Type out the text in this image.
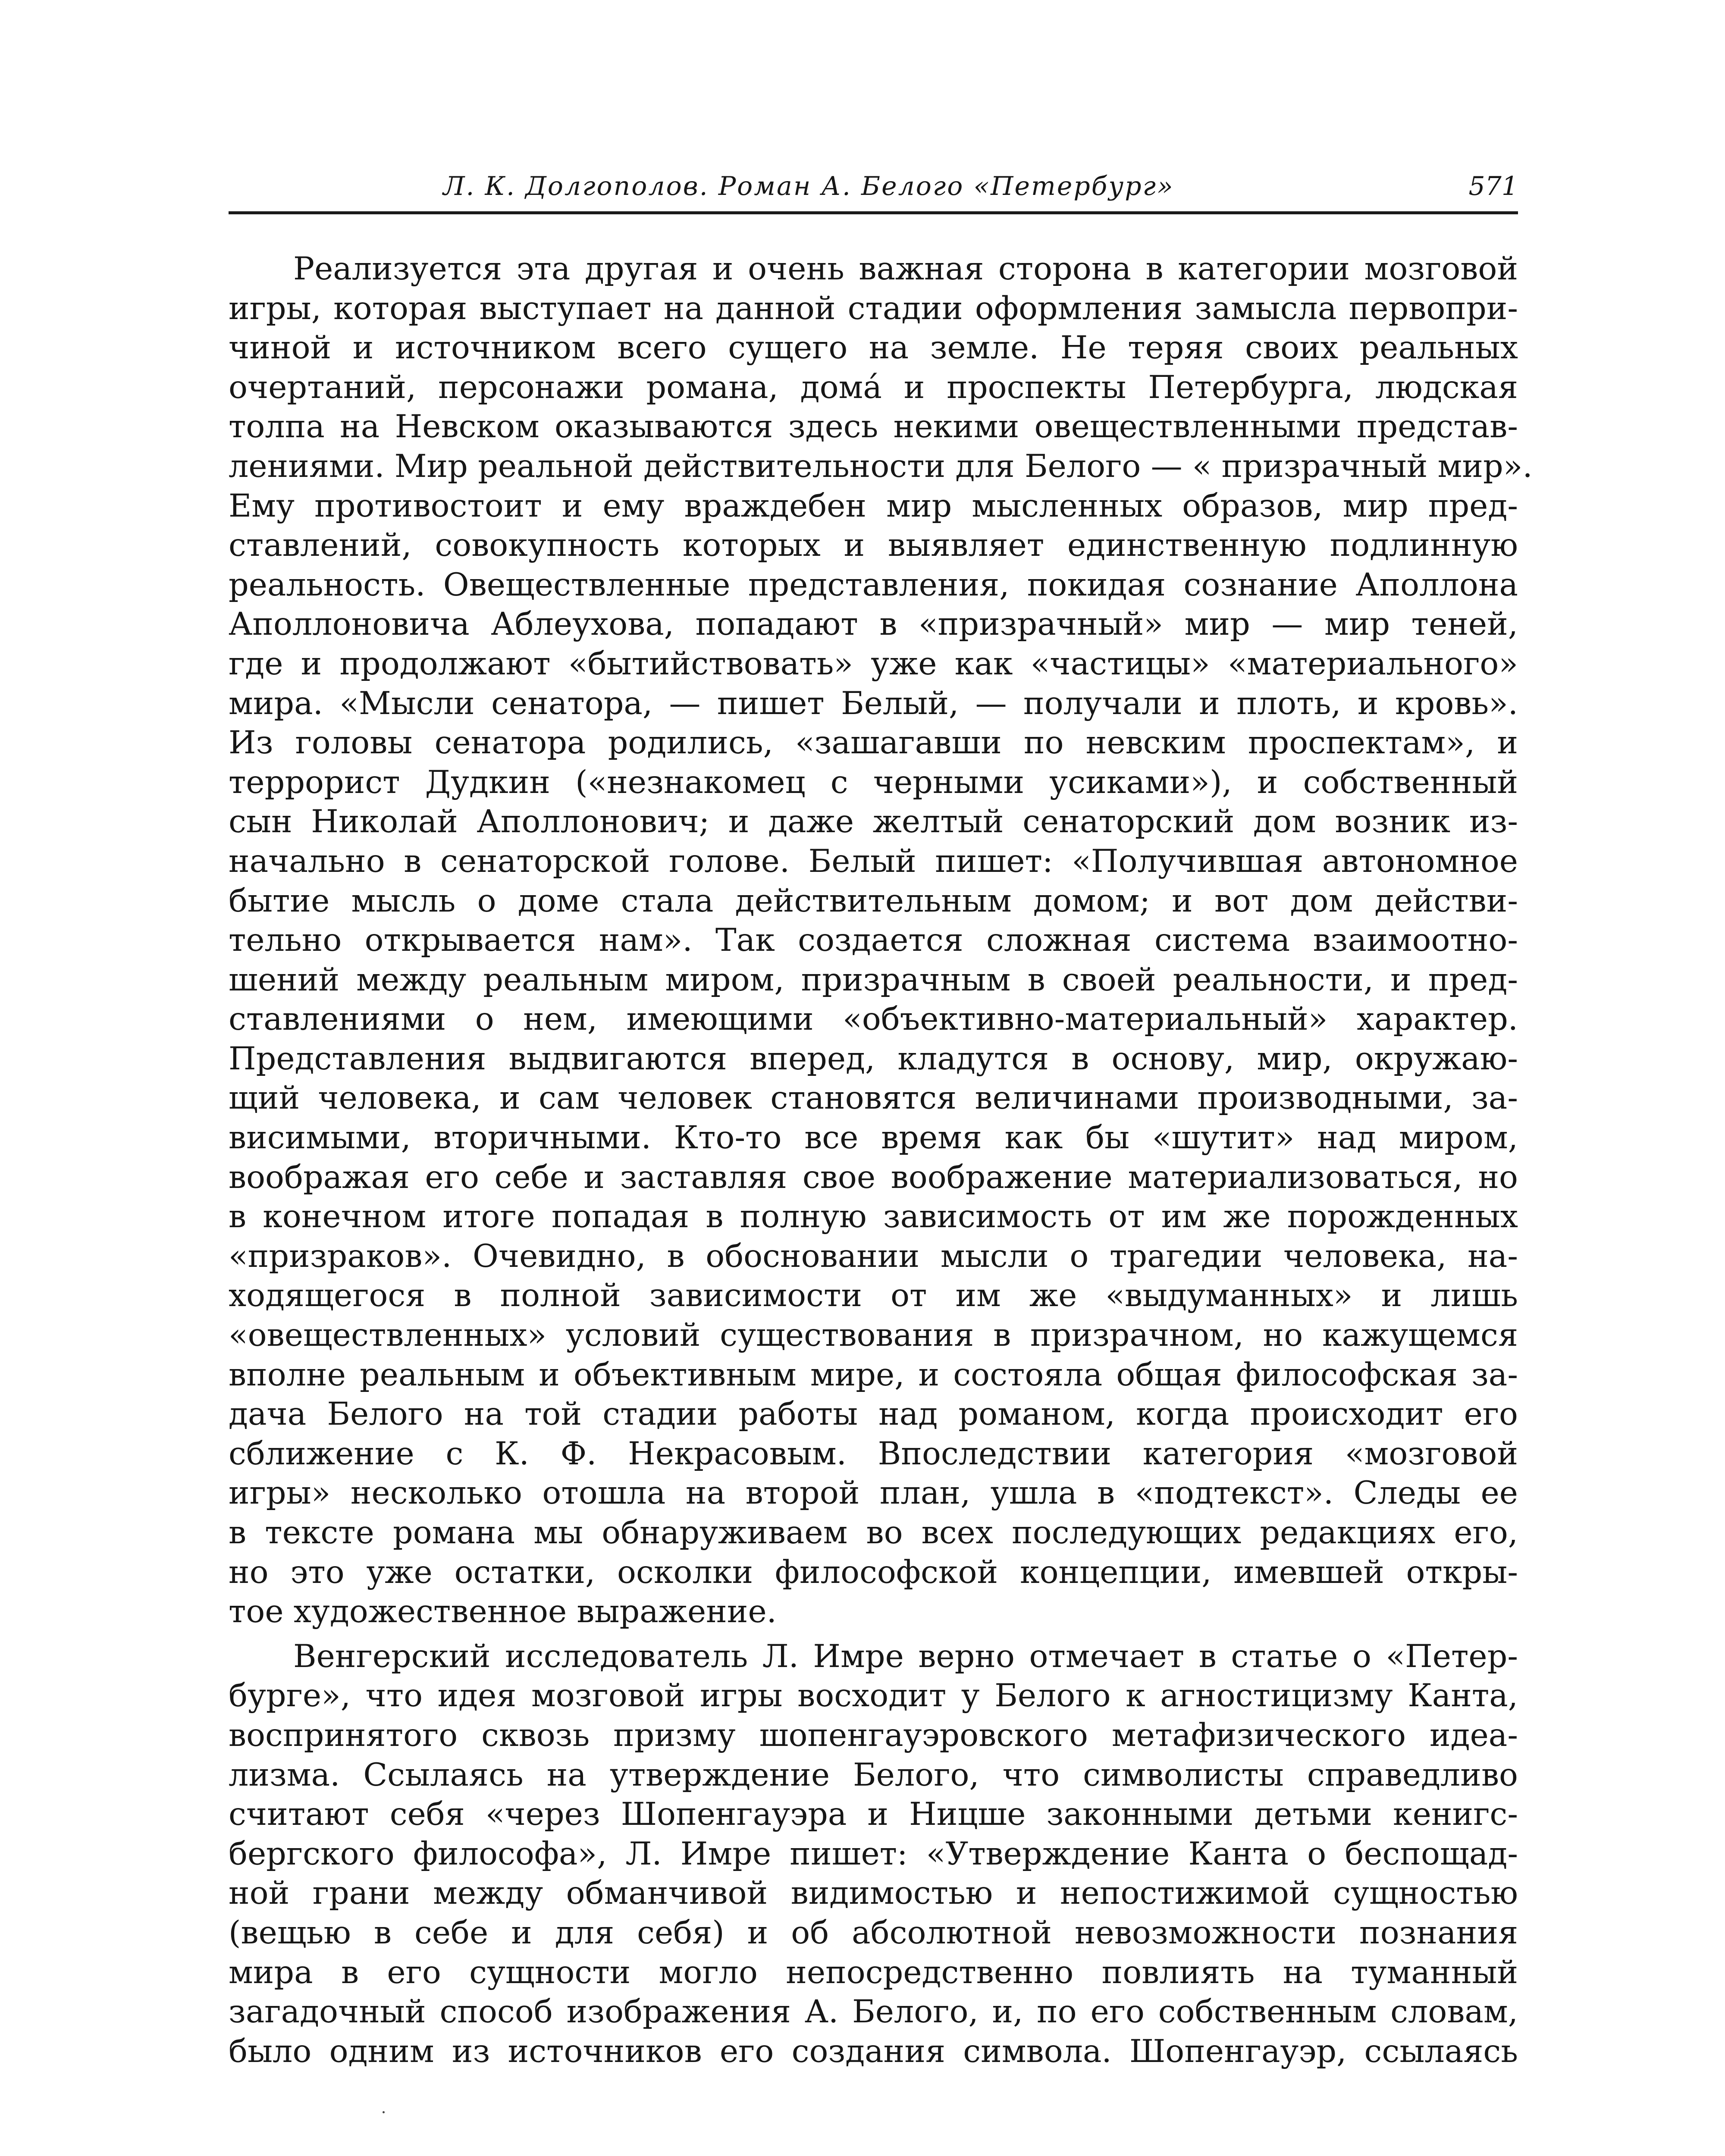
Л. К. Долгополов. Роман А. Белого «Петербург»	571
Реализуется эта другая и очень важная сторона в категории мозговой
игры, которая выступает на данной стадии оформления замысла первопри-
чиной и источником всего сущего на земле. Не теряя своих реальных
очертаний, персонажи романа, домá и проспекты Петербурга, людская
толпа на Невском оказываются здесь некими овеществленными представ-
лениями. Мир реальной действительности для Белого — « призрачный мир».
Ему противостоит и ему враждебен мир мысленных образов, мир пред-
ставлений, совокупность которых и выявляет единственную подлинную
реальность. Овеществленные представления, покидая сознание Аполлона
Аполлоновича Аблеухова, попадают в «призрачный» мир — мир теней,
где и продолжают «бытийствовать» уже как «частицы» «материального»
мира. «Мысли сенатора, — пишет Белый, — получали и плоть, и кровь».
Из головы сенатора родились, «зашагавши по невским проспектам», и
террорист Дудкин («незнакомец с черными усиками»), и собственный
сын Николай Аполлонович; и даже желтый сенаторский дом возник из-
начально в сенаторской голове. Белый пишет: «Получившая автономное
бытие мысль о доме стала действительным домом; и вот дом действи-
тельно открывается нам». Так создается сложная система взаимоотно-
шений между реальным миром, призрачным в своей реальности, и пред-
ставлениями о нем, имеющими «объективно-материальный» характер.
Представления выдвигаются вперед, кладутся в основу, мир, окружаю-
щий человека, и сам человек становятся величинами производными, за-
висимыми, вторичными. Кто-то все время как бы «шутит» над миром,
воображая его себе и заставляя свое воображение материализоваться, но
в конечном итоге попадая в полную зависимость от им же порожденных
«призраков». Очевидно, в обосновании мысли о трагедии человека, на-
ходящегося в полной зависимости от им же «выдуманных» и лишь
«овеществленных» условий существования в призрачном, но кажущемся
вполне реальным и объективным мире, и состояла общая философская за-
дача Белого на той стадии работы над романом, когда происходит его
сближение с К. Ф. Некрасовым. Впоследствии категория «мозговой
игры» несколько отошла на второй план, ушла в «подтекст». Следы ее
в тексте романа мы обнаруживаем во всех последующих редакциях его,
но это уже остатки, осколки философской концепции, имевшей откры-
тое художественное выражение.
Венгерский исследователь Л. Имре верно отмечает в статье о «Петер-
бурге», что идея мозговой игры восходит у Белого к агностицизму Канта,
воспринятого сквозь призму шопенгауэровского метафизического идеа-
лизма. Ссылаясь на утверждение Белого, что символисты справедливо
считают себя «через Шопенгауэра и Ницше законными детьми кенигс-
бергского философа», Л. Имре пишет: «Утверждение Канта о беспощад-
ной грани между обманчивой видимостью и непостижимой сущностью
(вещью в себе и для себя) и об абсолютной невозможности познания
мира в его сущности могло непосредственно повлиять на туманный
загадочный способ изображения А. Белого, и, по его собственным словам,
было одним из источников его создания символа. Шопенгауэр, ссылаясь
